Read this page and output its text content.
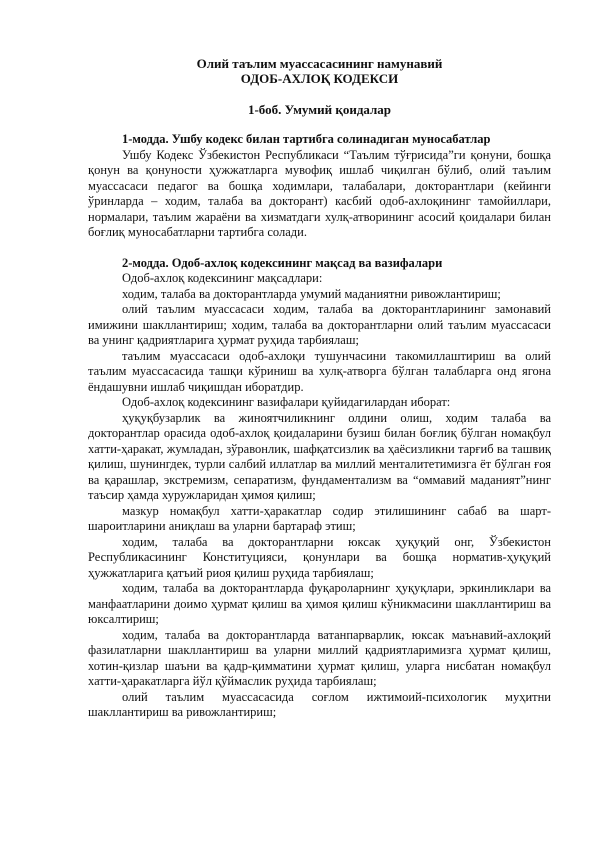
Олий таълим муассасасининг намунавий
ОДОБ-АХЛОҚ КОДЕКСИ
1-боб. Умумий қоидалар
1-модда. Ушбу кодекс билан тартибга солинадиган муносабатлар

Ушбу Кодекс Ўзбекистон Республикаси “Таълим тўғрисида”ги қонуни, бошқа қонун ва қонуности ҳужжатларга мувофиқ ишлаб чиқилган бўлиб, олий таълим муассасаси педагог ва бошқа ходимлари, талабалари, докторантлари (кейинги ўринларда – ходим, талаба ва докторант) касбий одоб-ахлоқининг тамойиллари, нормалари, таълим жараёни ва хизматдаги хулқ-атворининг асосий қоидалари билан боғлиқ муносабатларни тартибга солади.

2-модда. Одоб-ахлоқ кодексининг мақсад ва вазифалари

Одоб-ахлоқ кодексининг мақсадлари:

ходим, талаба ва докторантларда умумий маданиятни ривожлантириш;

олий таълим муассасаси ходим, талаба ва докторантларининг замонавий имижини шакллантириш; ходим, талаба ва докторантларни олий таълим муассасаси ва унинг қадриятларига ҳурмат руҳида тарбиялаш;

таълим муассасаси одоб-ахлоқи тушунчасини такомиллаштириш ва олий таълим муассасасида ташқи кўриниш ва хулқ-атворга бўлган талабларга онд ягона ёндашувни ишлаб чиқишдан иборатдир.

Одоб-ахлоқ кодексининг вазифалари қуйидагилардан иборат:

ҳуқуқбузарлик ва жиноятчиликнинг олдини олиш, ходим талаба ва докторантлар орасида одоб-ахлоқ қоидаларини бузиш билан боғлиқ бўлган номақбул хатти-ҳаракат, жумладан, зўравонлик, шафқатсизлик ва ҳаёсизликни тарғиб ва ташвиқ қилиш, шунингдек, турли салбий иллатлар ва миллий менталитетимизга ёт бўлган ғоя ва қарашлар, экстремизм, сепаратизм, фундаментализм ва “оммавий маданият”нинг таъсир ҳамда хуружларидан ҳимоя қилиш;

мазкур номақбул хатти-ҳаракатлар содир этилишининг сабаб ва шарт-шароитларини аниқлаш ва уларни бартараф этиш;

ходим, талаба ва докторантларни юксак ҳуқуқий онг, Ўзбекистон Республикасининг Конституцияси, қонунлари ва бошқа норматив-ҳуқуқий ҳужжатларига қатъий риоя қилиш руҳида тарбиялаш;

ходим, талаба ва докторантларда фуқароларнинг ҳуқуқлари, эркинликлари ва манфаатларини доимо ҳурмат қилиш ва ҳимоя қилиш кўникмасини шакллантириш ва юксалтириш;

ходим, талаба ва докторантларда ватанпарварлик, юксак маънавий-ахлоқий фазилатларни шакллантириш ва уларни миллий қадриятларимизга ҳурмат қилиш, хотин-қизлар шаъни ва қадр-қимматини ҳурмат қилиш, уларга нисбатан номақбул хатти-ҳаракатларга йўл қўймаслик руҳида тарбиялаш;

олий таълим муассасасида соғлом ижтимоий-психологик муҳитни шакллантириш ва ривожлантириш;
